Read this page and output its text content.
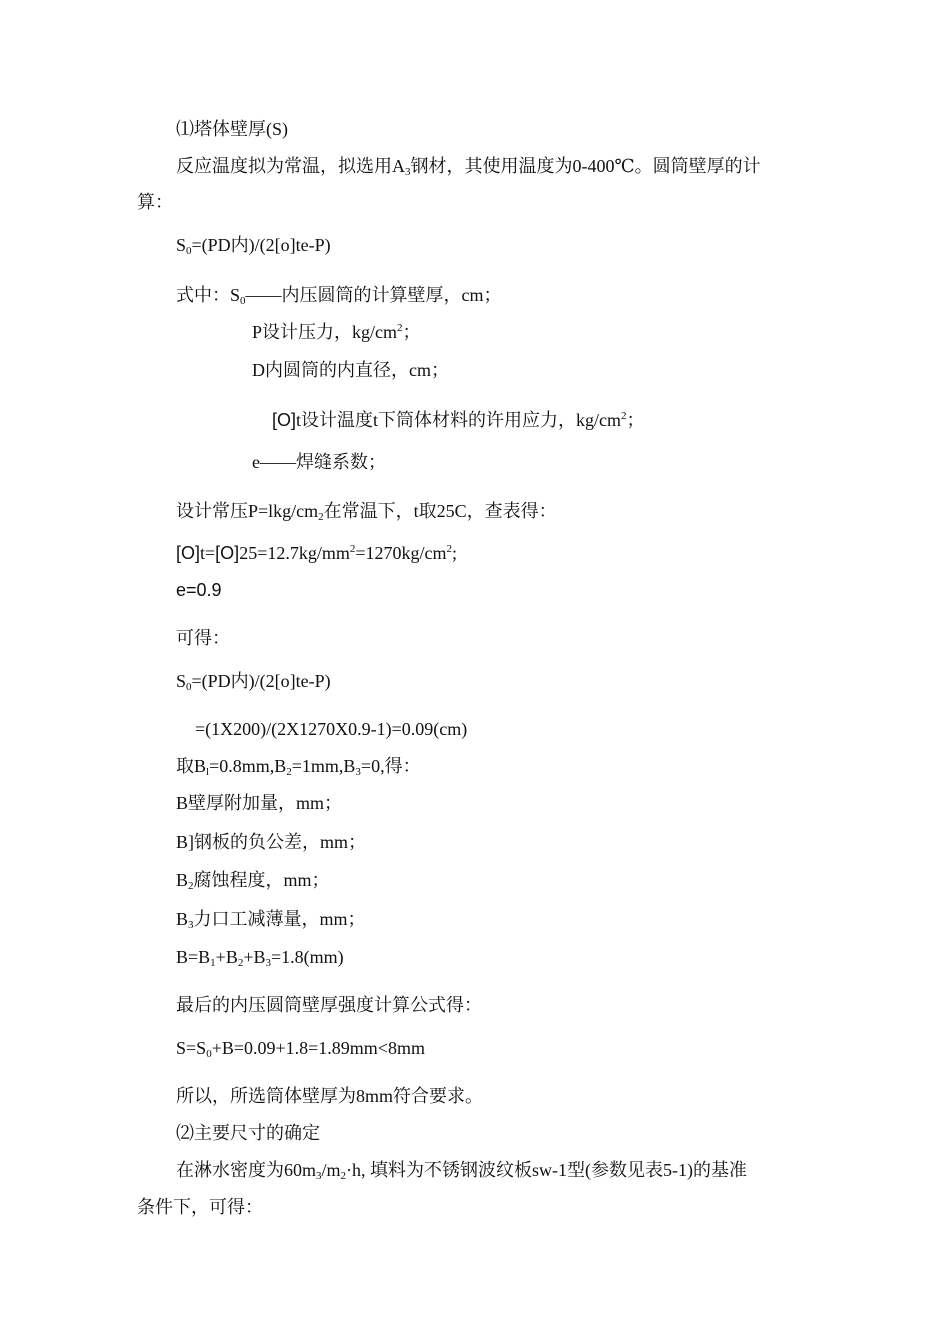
⑴塔体壁厚(S)
反应温度拟为常温，拟选用$A_3$钢材，其使用温度为0-400℃。圆筒壁厚的计
算：
$S_0=(PD$内)/(2[o]te-P)
式中：$S_0——$内压圆筒的计算壁厚，cm；
P设计压力，$kg/cm^2$；
D内圆筒的内直径，cm；
[O]t设计温度t下筒体材料的许用应力，$kg/cm^2$；
e——焊缝系数；
设计常压$P=lkg/cm_2$在常温下，t取25C，查表得：
$[O]t=[O]25=12.7kg/mm^2=1270kg/cm^2$;
e=0.9
可得：
$S_0=(PD$内)/(2[o]te-P)
=(1X200)/(2X1270X0.9-1)=0.09(cm)
取$B_l=0.8mm,B_2=1mm,B_3=0$,得：
B壁厚附加量，mm；
B]钢板的负公差，mm；
$B_2$腐蚀程度，mm；
$B_3$力口工减薄量，mm；
$B=B_1+B_2+B_3=1.8(mm)$
最后的内压圆筒壁厚强度计算公式得：
$S=S_0+B=0.09+1.8=1.89mm<8mm$
所以，所选筒体壁厚为8mm符合要求。
⑵主要尺寸的确定
在淋水密度为$60m_3/m_2\cdot h$, 填料为不锈钢波纹板sw-1型(参数见表5-1)的基准
条件下，可得：
